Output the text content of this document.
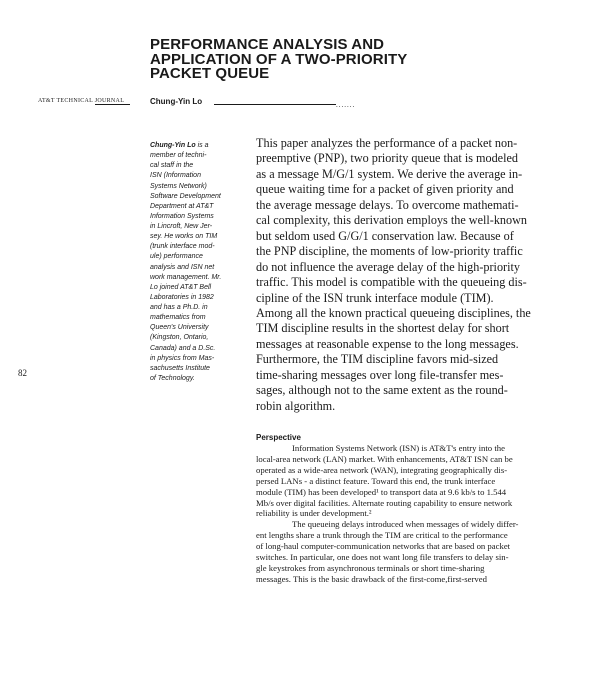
PERFORMANCE ANALYSIS AND
APPLICATION OF A TWO-PRIORITY
PACKET QUEUE
AT&T TECHNICAL JOURNAL	Chung-Yin Lo	.......
Chung-Yin Lo is a
member of techni-
cal staff in the
ISN (Information
Systems Network)
Software Development
Department at AT&T
Information Systems
in Lincroft, New Jer-
sey. He works on TIM
(trunk interface mod-
ule) performance
analysis and ISN net
work management. Mr.
Lo joined AT&T Bell
Laboratories in 1982
and has a Ph.D. in
mathematics from
Queen's University
(Kingston, Ontario,
Canada) and a D.Sc.
in physics from Mas-
sachusetts Institute
of Technology.
82
This paper analyzes the performance of a packet non-
preemptive (PNP), two priority queue that is modeled
as a message M/G/1 system. We derive the average in-
queue waiting time for a packet of given priority and
the average message delays. To overcome mathemati-
cal complexity, this derivation employs the well-known
but seldom used G/G/1 conservation law. Because of
the PNP discipline, the moments of low-priority traffic
do not influence the average delay of the high-priority
traffic. This model is compatible with the queueing dis-
cipline of the ISN trunk interface module (TIM).
Among all the known practical queueing disciplines, the
TIM discipline results in the shortest delay for short
messages at reasonable expense to the long messages.
Furthermore, the TIM discipline favors mid-sized
time-sharing messages over long file-transfer mes-
sages, although not to the same extent as the round-
robin algorithm.
Perspective
Information Systems Network (ISN) is AT&T's entry into the
local-area network (LAN) market. With enhancements, AT&T ISN can be
operated as a wide-area network (WAN), integrating geographically dis-
persed LANs - a distinct feature. Toward this end, the trunk interface
module (TIM) has been developed¹ to transport data at 9.6 kb/s to 1.544
Mb/s over digital facilities. Alternate routing capability to ensure network
reliability is under development.²
The queueing delays introduced when messages of widely differ-
ent lengths share a trunk through the TIM are critical to the performance
of long-haul computer-communication networks that are based on packet
switches. In particular, one does not want long file transfers to delay sin-
gle keystrokes from asynchronous terminals or short time-sharing
messages. This is the basic drawback of the first-come,first-served
